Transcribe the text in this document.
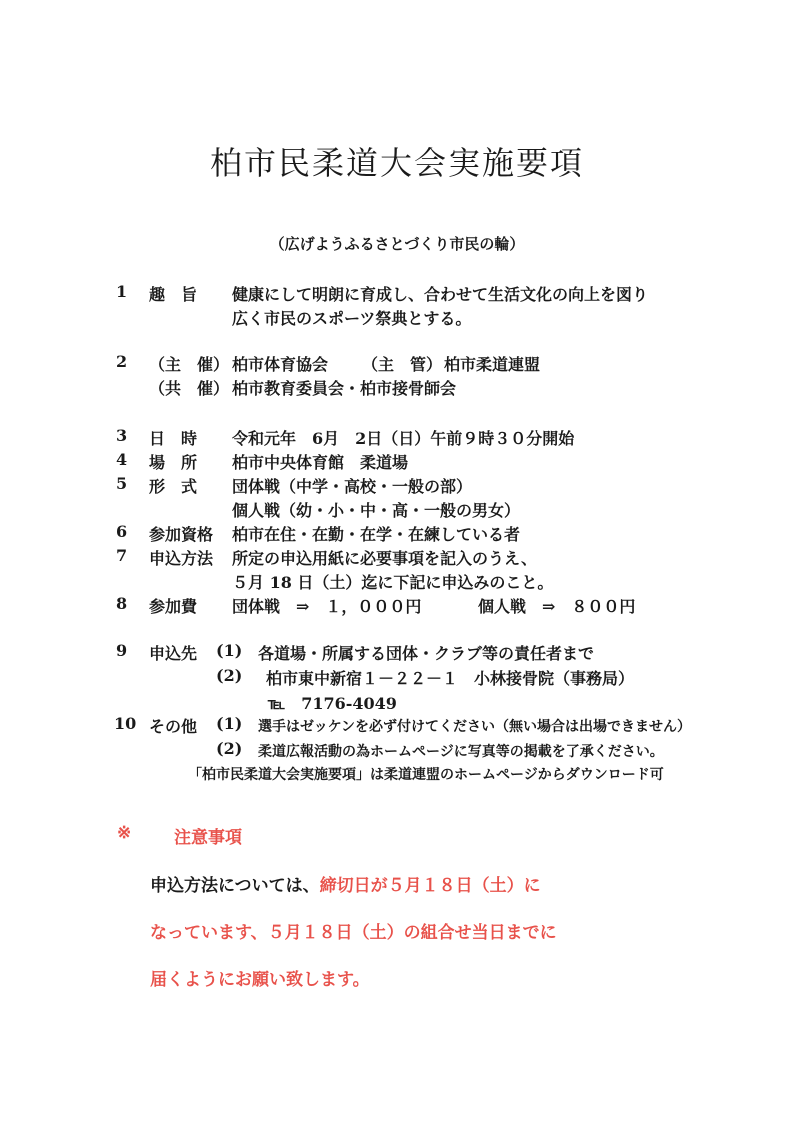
柏市民柔道大会実施要項
（広げようふるさとづくり市民の輪）
1 趣　旨 健康にして明朗に育成し、合わせて生活文化の向上を図り
広く市民のスポーツ祭典とする。
2 （主　催） 柏市体育協会 （主　管） 柏市柔道連盟
（共　催） 柏市教育委員会・柏市接骨師会
3 日　時 令和元年　6月　2日（日）午前９時３０分開始
4 場　所 柏市中央体育館　柔道場
5 形　式 団体戦（中学・高校・一般の部）
個人戦（幼・小・中・高・一般の男女）
6 参加資格 柏市在住・在勤・在学・在練している者
7 申込方法 所定の申込用紙に必要事項を記入のうえ、
５月 18 日（土）迄に下記に申込みのこと。
8 参加費 団体戦　⇒　１，０００円	個人戦　⇒　８００円
9 申込先 (1) 各道場・所属する団体・クラブ等の責任者まで
(2) 柏市東中新宿１－２２－１　小林接骨院（事務局）
℡　7176-4049
10 その他 (1) 選手はゼッケンを必ず付けてください（無い場合は出場できません）
(2) 柔道広報活動の為ホームページに写真等の掲載を了承ください。
「柏市民柔道大会実施要項」は柔道連盟のホームページからダウンロード可
※	注意事項
申込方法については、締切日が５月１８日（土）に
なっています、５月１８日（土）の組合せ当日までに
届くようにお願い致します。
